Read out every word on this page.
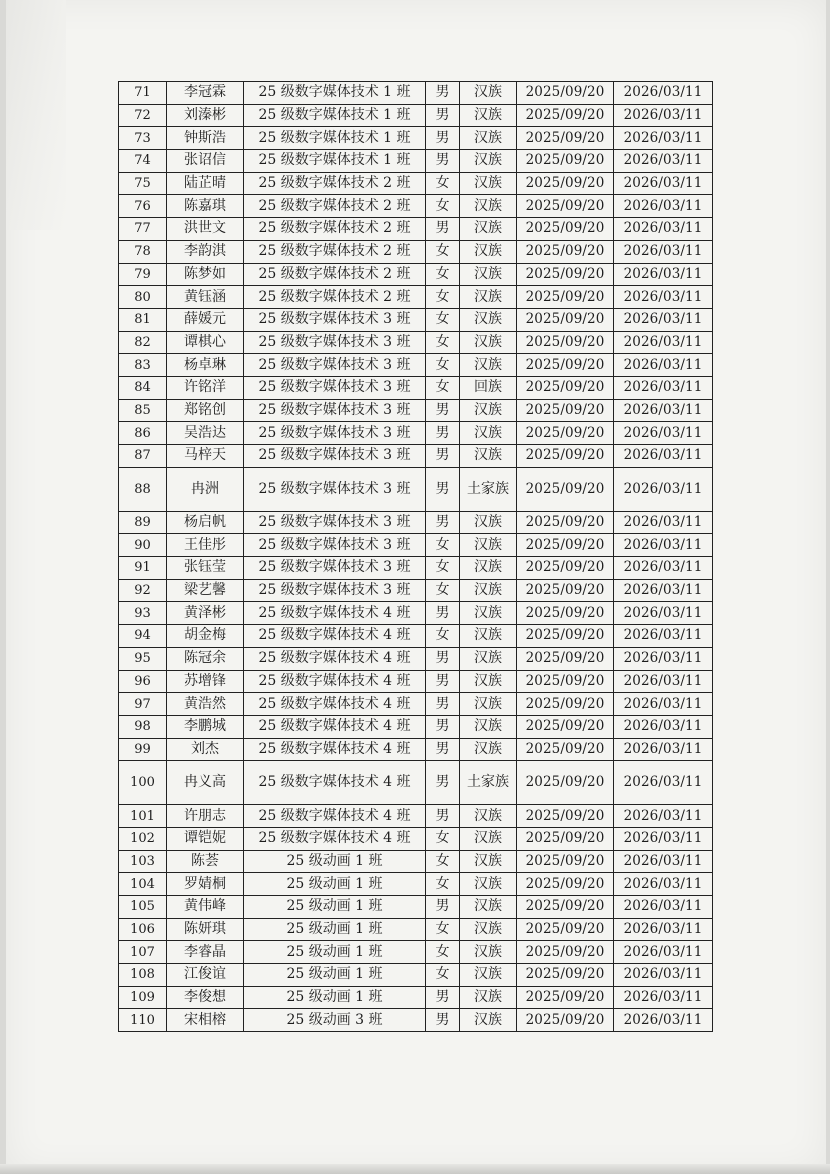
71	李冠霖	25 级数字媒体技术 1 班	男	汉族	2025/09/20	2026/03/11
72	刘溱彬	25 级数字媒体技术 1 班	男	汉族	2025/09/20	2026/03/11
73	钟斯浩	25 级数字媒体技术 1 班	男	汉族	2025/09/20	2026/03/11
74	张诏信	25 级数字媒体技术 1 班	男	汉族	2025/09/20	2026/03/11
75	陆芷晴	25 级数字媒体技术 2 班	女	汉族	2025/09/20	2026/03/11
76	陈嘉琪	25 级数字媒体技术 2 班	女	汉族	2025/09/20	2026/03/11
77	洪世文	25 级数字媒体技术 2 班	男	汉族	2025/09/20	2026/03/11
78	李韵淇	25 级数字媒体技术 2 班	女	汉族	2025/09/20	2026/03/11
79	陈梦如	25 级数字媒体技术 2 班	女	汉族	2025/09/20	2026/03/11
80	黄钰涵	25 级数字媒体技术 2 班	女	汉族	2025/09/20	2026/03/11
81	薛媛元	25 级数字媒体技术 3 班	女	汉族	2025/09/20	2026/03/11
82	谭棋心	25 级数字媒体技术 3 班	女	汉族	2025/09/20	2026/03/11
83	杨卓琳	25 级数字媒体技术 3 班	女	汉族	2025/09/20	2026/03/11
84	许铭洋	25 级数字媒体技术 3 班	女	回族	2025/09/20	2026/03/11
85	郑铭创	25 级数字媒体技术 3 班	男	汉族	2025/09/20	2026/03/11
86	吴浩达	25 级数字媒体技术 3 班	男	汉族	2025/09/20	2026/03/11
87	马梓天	25 级数字媒体技术 3 班	男	汉族	2025/09/20	2026/03/11
88	冉洲	25 级数字媒体技术 3 班	男	土家族	2025/09/20	2026/03/11
89	杨启帆	25 级数字媒体技术 3 班	男	汉族	2025/09/20	2026/03/11
90	王佳彤	25 级数字媒体技术 3 班	女	汉族	2025/09/20	2026/03/11
91	张钰莹	25 级数字媒体技术 3 班	女	汉族	2025/09/20	2026/03/11
92	梁艺馨	25 级数字媒体技术 3 班	女	汉族	2025/09/20	2026/03/11
93	黄泽彬	25 级数字媒体技术 4 班	男	汉族	2025/09/20	2026/03/11
94	胡金梅	25 级数字媒体技术 4 班	女	汉族	2025/09/20	2026/03/11
95	陈冠余	25 级数字媒体技术 4 班	男	汉族	2025/09/20	2026/03/11
96	苏增锋	25 级数字媒体技术 4 班	男	汉族	2025/09/20	2026/03/11
97	黄浩然	25 级数字媒体技术 4 班	男	汉族	2025/09/20	2026/03/11
98	李鹏城	25 级数字媒体技术 4 班	男	汉族	2025/09/20	2026/03/11
99	刘杰	25 级数字媒体技术 4 班	男	汉族	2025/09/20	2026/03/11
100	冉义高	25 级数字媒体技术 4 班	男	土家族	2025/09/20	2026/03/11
101	许朋志	25 级数字媒体技术 4 班	男	汉族	2025/09/20	2026/03/11
102	谭铠妮	25 级数字媒体技术 4 班	女	汉族	2025/09/20	2026/03/11
103	陈荟	25 级动画 1 班	女	汉族	2025/09/20	2026/03/11
104	罗婧桐	25 级动画 1 班	女	汉族	2025/09/20	2026/03/11
105	黄伟峰	25 级动画 1 班	男	汉族	2025/09/20	2026/03/11
106	陈妍琪	25 级动画 1 班	女	汉族	2025/09/20	2026/03/11
107	李睿晶	25 级动画 1 班	女	汉族	2025/09/20	2026/03/11
108	江俊谊	25 级动画 1 班	女	汉族	2025/09/20	2026/03/11
109	李俊想	25 级动画 1 班	男	汉族	2025/09/20	2026/03/11
110	宋相榕	25 级动画 3 班	男	汉族	2025/09/20	2026/03/11
